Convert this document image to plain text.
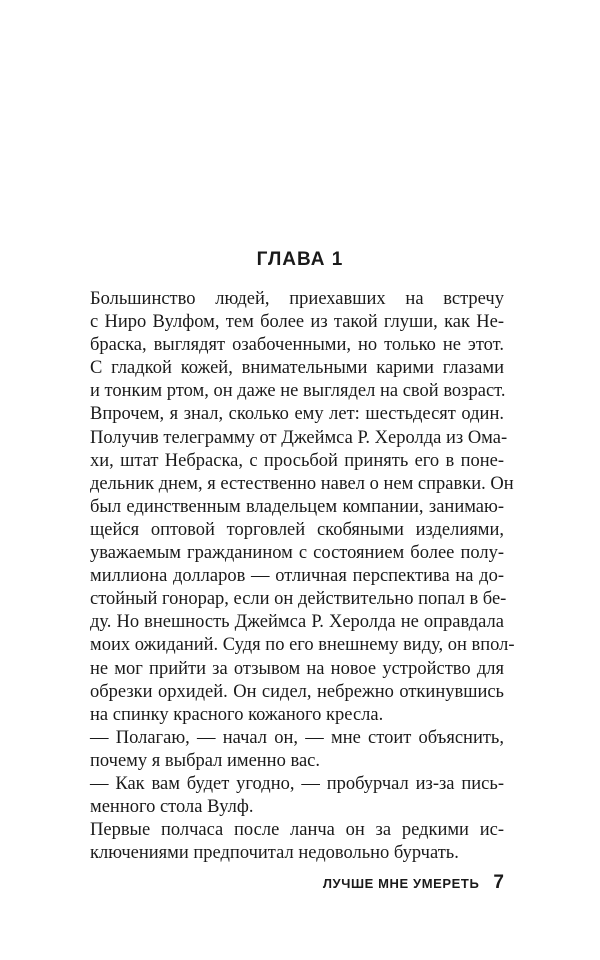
ГЛАВА 1
Большинство людей, приехавших на встречу
с Ниро Вулфом, тем более из такой глуши, как Не-
браска, выглядят озабоченными, но только не этот.
С гладкой кожей, внимательными карими глазами
и тонким ртом, он даже не выглядел на свой возраст.
Впрочем, я знал, сколько ему лет: шестьдесят один.
Получив телеграмму от Джеймса Р. Херолда из Ома-
хи, штат Небраска, с просьбой принять его в поне-
дельник днем, я естественно навел о нем справки. Он
был единственным владельцем компании, занимаю-
щейся оптовой торговлей скобяными изделиями,
уважаемым гражданином с состоянием более полу-
миллиона долларов — отличная перспектива на до-
стойный гонорар, если он действительно попал в бе-
ду. Но внешность Джеймса Р. Херолда не оправдала
моих ожиданий. Судя по его внешнему виду, он впол-
не мог прийти за отзывом на новое устройство для
обрезки орхидей. Он сидел, небрежно откинувшись
на спинку красного кожаного кресла.
— Полагаю, — начал он, — мне стоит объяснить,
почему я выбрал именно вас.
— Как вам будет угодно, — пробурчал из-за пись-
менного стола Вулф.
Первые полчаса после ланча он за редкими ис-
ключениями предпочитал недовольно бурчать.
ЛУЧШЕ МНЕ УМЕРЕТЬ 7
